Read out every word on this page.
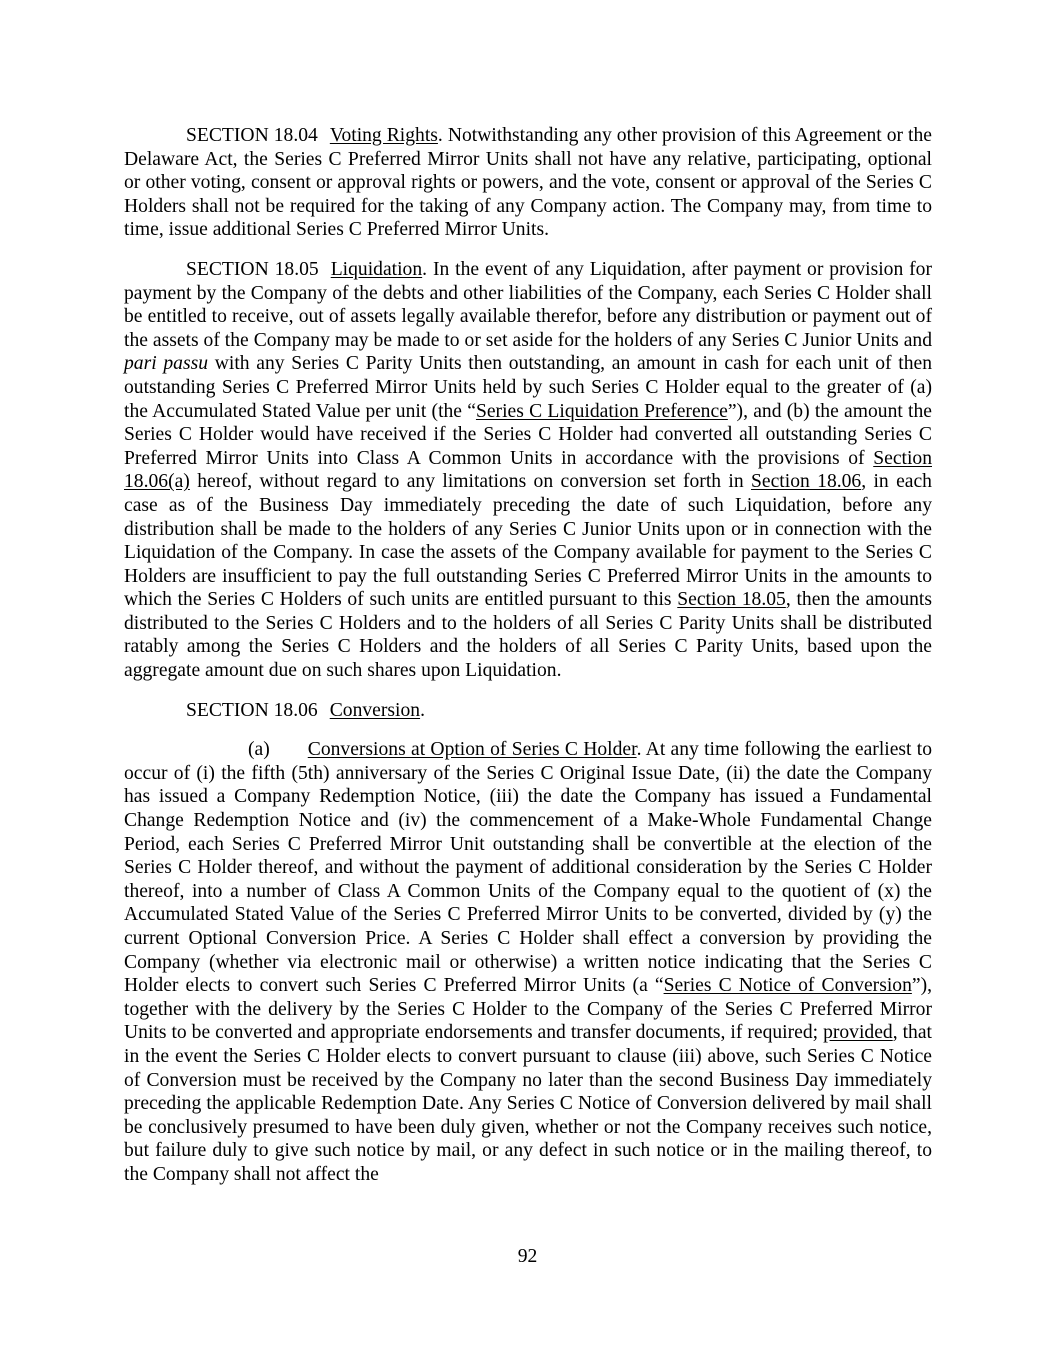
SECTION 18.04 Voting Rights. Notwithstanding any other provision of this Agreement or the Delaware Act, the Series C Preferred Mirror Units shall not have any relative, participating, optional or other voting, consent or approval rights or powers, and the vote, consent or approval of the Series C Holders shall not be required for the taking of any Company action. The Company may, from time to time, issue additional Series C Preferred Mirror Units.

SECTION 18.05 Liquidation. In the event of any Liquidation, after payment or provision for payment by the Company of the debts and other liabilities of the Company, each Series C Holder shall be entitled to receive, out of assets legally available therefor, before any distribution or payment out of the assets of the Company may be made to or set aside for the holders of any Series C Junior Units and pari passu with any Series C Parity Units then outstanding, an amount in cash for each unit of then outstanding Series C Preferred Mirror Units held by such Series C Holder equal to the greater of (a) the Accumulated Stated Value per unit (the “Series C Liquidation Preference”), and (b) the amount the Series C Holder would have received if the Series C Holder had converted all outstanding Series C Preferred Mirror Units into Class A Common Units in accordance with the provisions of Section 18.06(a) hereof, without regard to any limitations on conversion set forth in Section 18.06, in each case as of the Business Day immediately preceding the date of such Liquidation, before any distribution shall be made to the holders of any Series C Junior Units upon or in connection with the Liquidation of the Company. In case the assets of the Company available for payment to the Series C Holders are insufficient to pay the full outstanding Series C Preferred Mirror Units in the amounts to which the Series C Holders of such units are entitled pursuant to this Section 18.05, then the amounts distributed to the Series C Holders and to the holders of all Series C Parity Units shall be distributed ratably among the Series C Holders and the holders of all Series C Parity Units, based upon the aggregate amount due on such shares upon Liquidation.

SECTION 18.06 Conversion.

(a) Conversions at Option of Series C Holder. At any time following the earliest to occur of (i) the fifth (5th) anniversary of the Series C Original Issue Date, (ii) the date the Company has issued a Company Redemption Notice, (iii) the date the Company has issued a Fundamental Change Redemption Notice and (iv) the commencement of a Make-Whole Fundamental Change Period, each Series C Preferred Mirror Unit outstanding shall be convertible at the election of the Series C Holder thereof, and without the payment of additional consideration by the Series C Holder thereof, into a number of Class A Common Units of the Company equal to the quotient of (x) the Accumulated Stated Value of the Series C Preferred Mirror Units to be converted, divided by (y) the current Optional Conversion Price. A Series C Holder shall effect a conversion by providing the Company (whether via electronic mail or otherwise) a written notice indicating that the Series C Holder elects to convert such Series C Preferred Mirror Units (a “Series C Notice of Conversion”), together with the delivery by the Series C Holder to the Company of the Series C Preferred Mirror Units to be converted and appropriate endorsements and transfer documents, if required; provided, that in the event the Series C Holder elects to convert pursuant to clause (iii) above, such Series C Notice of Conversion must be received by the Company no later than the second Business Day immediately preceding the applicable Redemption Date. Any Series C Notice of Conversion delivered by mail shall be conclusively presumed to have been duly given, whether or not the Company receives such notice, but failure duly to give such notice by mail, or any defect in such notice or in the mailing thereof, to the Company shall not affect the

92
